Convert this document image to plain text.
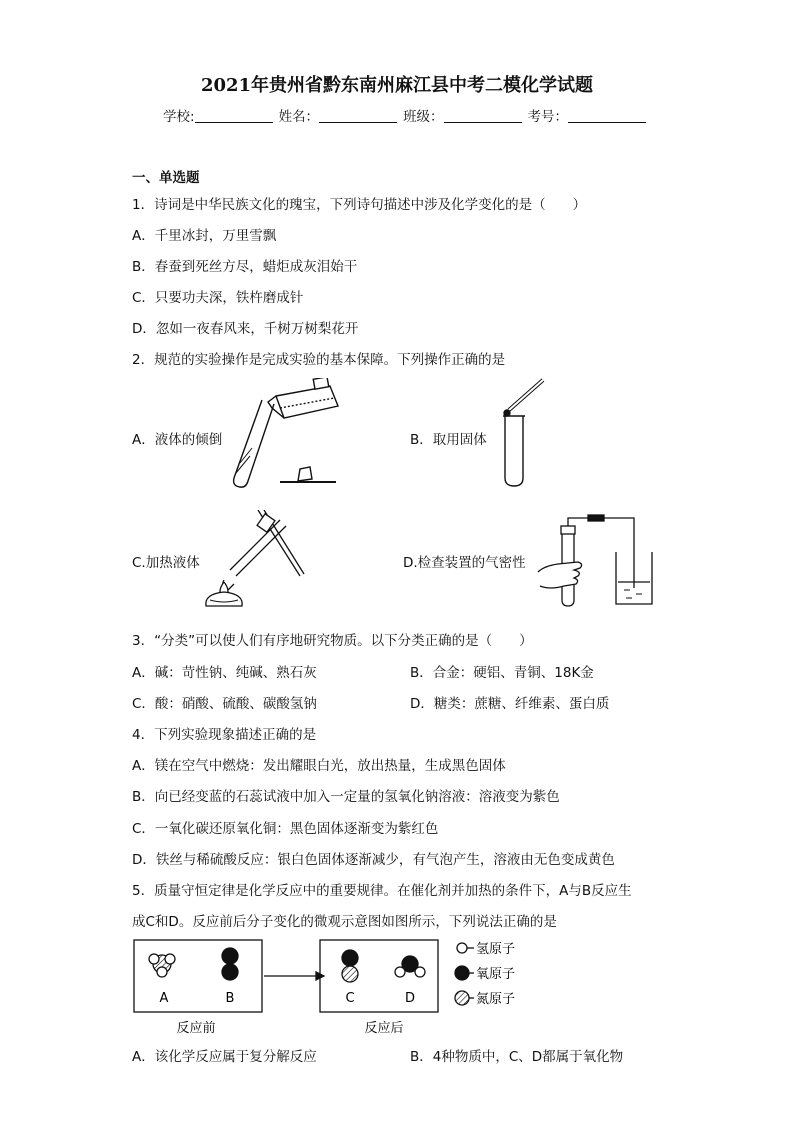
2021年贵州省黔东南州麻江县中考二模化学试题
学校:	姓名：	班级：	考号：
一、单选题
1．诗词是中华民族文化的瑰宝，下列诗句描述中涉及化学变化的是（　　）
A．千里冰封，万里雪飘
B．春蚕到死丝方尽，蜡炬成灰泪始干
C．只要功夫深，铁杵磨成针
D．忽如一夜春风来，千树万树梨花开
2．规范的实验操作是完成实验的基本保障。下列操作正确的是
A．液体的倾倒	B．取用固体
C.加热液体	D.检查装置的气密性
3．“分类”可以使人们有序地研究物质。以下分类正确的是（　　）
A．碱：苛性钠、纯碱、熟石灰	B．合金：硬铝、青铜、18K金
C．酸：硝酸、硫酸、碳酸氢钠	D．糖类：蔗糖、纤维素、蛋白质
4．下列实验现象描述正确的是
A．镁在空气中燃烧：发出耀眼白光，放出热量，生成黑色固体
B．向已经变蓝的石蕊试液中加入一定量的氢氧化钠溶液：溶液变为紫色
C．一氧化碳还原氧化铜：黑色固体逐渐变为紫红色
D．铁丝与稀硫酸反应：银白色固体逐渐减少，有气泡产生，溶液由无色变成黄色
5．质量守恒定律是化学反应中的重要规律。在催化剂并加热的条件下，A与B反应生
成C和D。反应前后分子变化的微观示意图如图所示，下列说法正确的是
A	B	C	D
反应前	反应后
氢原子
氧原子
氮原子
A．该化学反应属于复分解反应	B．4种物质中，C、D都属于氧化物
